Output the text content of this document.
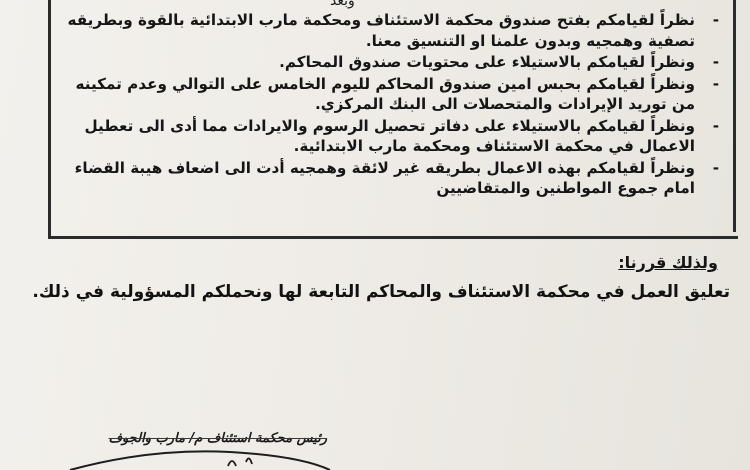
وبعد
- نظراً لقيامكم بفتح صندوق محكمة الاستئناف ومحكمة مارب الابتدائية بالقوة وبطريقه تصفية وهمجيه وبدون علمنا او التنسيق معنا.
- ونظراً لقيامكم بالاستيلاء على محتويات صندوق المحاكم.
- ونظراً لقيامكم بحبس امين صندوق المحاكم لليوم الخامس على التوالي وعدم تمكينه من توريد الإيرادات والمتحصلات الى البنك المركزي.
- ونظراً لقيامكم بالاستيلاء على دفاتر تحصيل الرسوم والايرادات مما أدى الى تعطيل الاعمال في محكمة الاستئناف ومحكمة مارب الابتدائية.
- ونظراً لقيامكم بهذه الاعمال بطريقه غير لائقة وهمجيه أدت الى اضعاف هيبة القضاء امام جموع المواطنين والمتقاضيين
ولذلك قررنا:
تعليق العمل في محكمة الاستئناف والمحاكم التابعة لها ونحملكم المسؤولية في ذلك.
رئيس محكمة استئناف م/ مارب والجوف
